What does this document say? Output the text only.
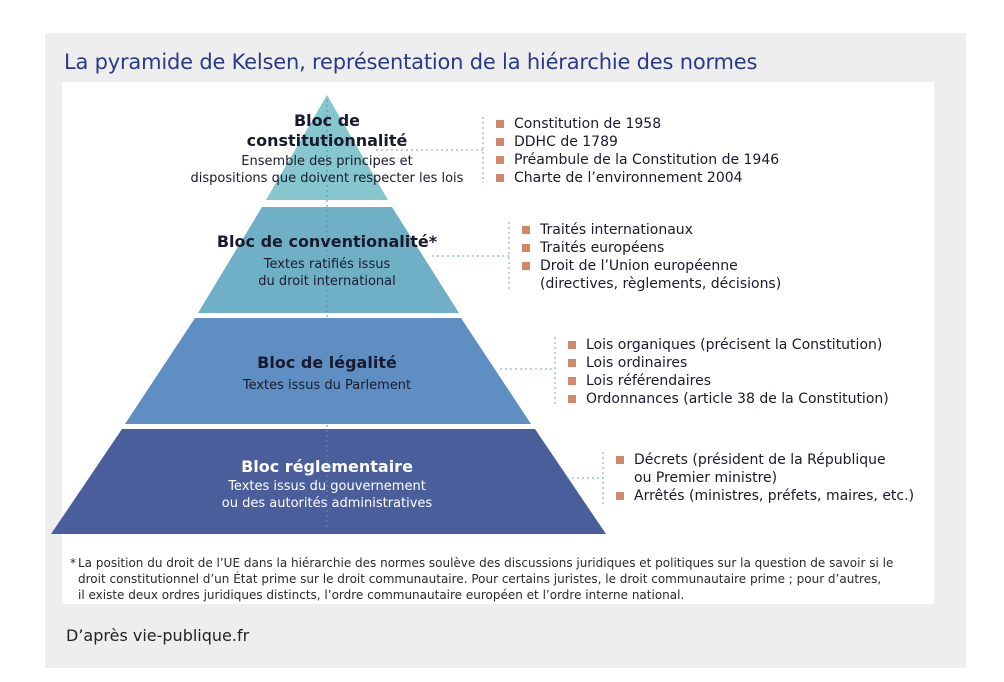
La pyramide de Kelsen, représentation de la hiérarchie des normes
Bloc de
constitutionnalité
Ensemble des principes et
dispositions que doivent respecter les lois
Bloc de conventionalité*
Textes ratifiés issus
du droit international
Bloc de légalité
Textes issus du Parlement
Bloc réglementaire
Textes issus du gouvernement
ou des autorités administratives
Constitution de 1958
DDHC de 1789
Préambule de la Constitution de 1946
Charte de l’environnement 2004
Traités internationaux
Traités européens
Droit de l’Union européenne
(directives, règlements, décisions)
Lois organiques (précisent la Constitution)
Lois ordinaires
Lois référendaires
Ordonnances (article 38 de la Constitution)
Décrets (président de la République
ou Premier ministre)
Arrêtés (ministres, préfets, maires, etc.)
* La position du droit de l’UE dans la hiérarchie des normes soulève des discussions juridiques et politiques sur la question de savoir si le
droit constitutionnel d’un État prime sur le droit communautaire. Pour certains juristes, le droit communautaire prime ; pour d’autres,
il existe deux ordres juridiques distincts, l’ordre communautaire européen et l’ordre interne national.
D’après vie-publique.fr
